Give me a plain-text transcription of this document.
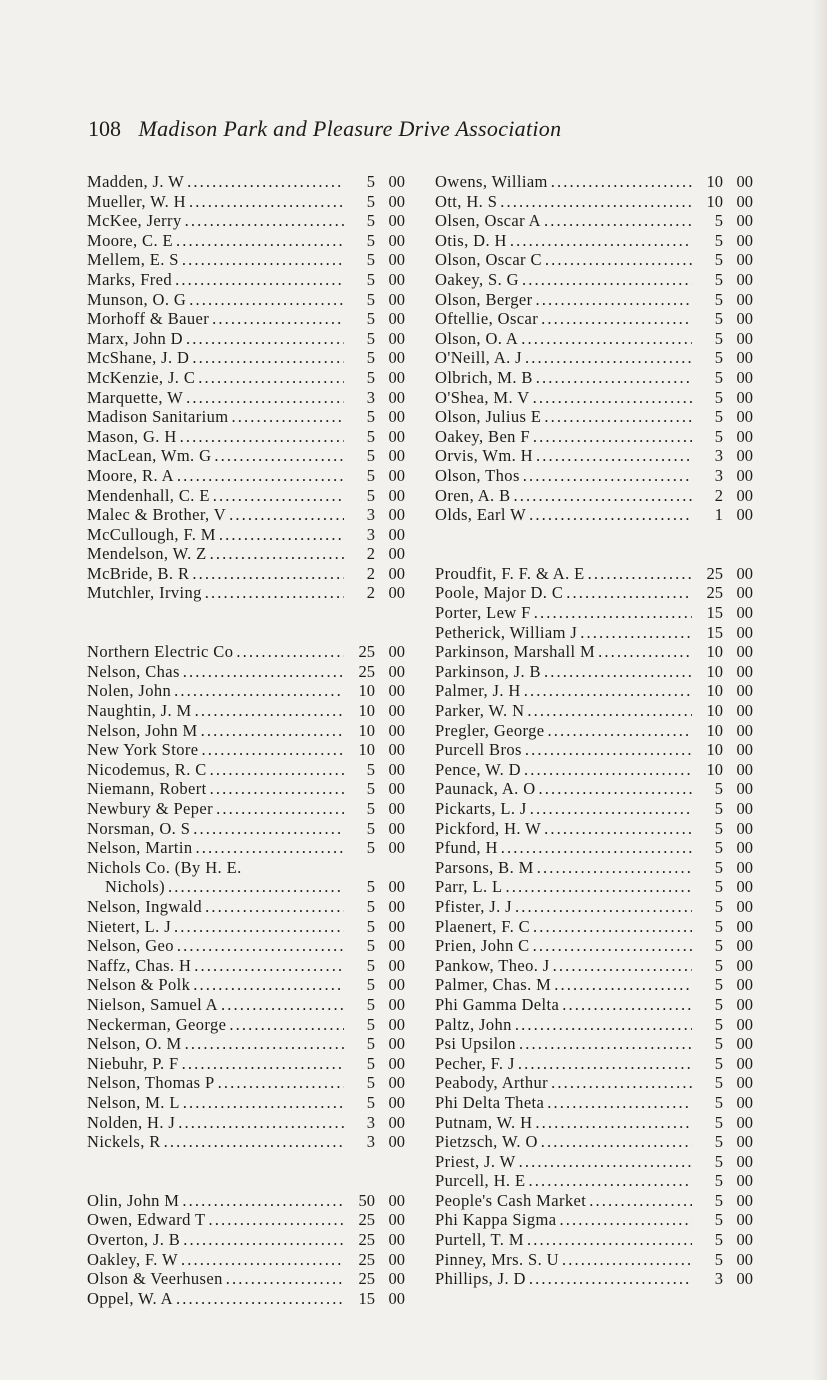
108 Madison Park and Pleasure Drive Association
Madden, J. W . . .	5 00
Mueller, W. H . . .	5 00
McKee, Jerry . . .	5 00
Moore, C. E . . .	5 00
Mellem, E. S . . .	5 00
Marks, Fred . . .	5 00
Munson, O. G . . .	5 00
Morhoff & Bauer . . .	5 00
Marx, John D . . .	5 00
McShane, J. D . . .	5 00
McKenzie, J. C . . .	5 00
Marquette, W . . .	3 00
Madison Sanitarium . . .	5 00
Mason, G. H . . .	5 00
MacLean, Wm. G . . .	5 00
Moore, R. A . . .	5 00
Mendenhall, C. E . . .	5 00
Malec & Brother, V . . .	3 00
McCullough, F. M . . .	3 00
Mendelson, W. Z . . .	2 00
McBride, B. R . . .	2 00
Mutchler, Irving . . .	2 00
Northern Electric Co . . .	25 00
Nelson, Chas . . .	25 00
Nolen, John . . .	10 00
Naughtin, J. M . . .	10 00
Nelson, John M . . .	10 00
New York Store . . .	10 00
Nicodemus, R. C . . .	5 00
Niemann, Robert . . .	5 00
Newbury & Peper . . .	5 00
Norsman, O. S . . .	5 00
Nelson, Martin . . .	5 00
Nichols Co. (By H. E.
Nichols) . . .	5 00
Nelson, Ingwald . . .	5 00
Nietert, L. J . . .	5 00
Nelson, Geo . . .	5 00
Naffz, Chas. H . . .	5 00
Nelson & Polk . . .	5 00
Nielson, Samuel A . . .	5 00
Neckerman, George . . .	5 00
Nelson, O. M . . .	5 00
Niebuhr, P. F . . .	5 00
Nelson, Thomas P . . .	5 00
Nelson, M. L . . .	5 00
Nolden, H. J . . .	3 00
Nickels, R . . .	3 00
Olin, John M . . .	50 00
Owen, Edward T . . .	25 00
Overton, J. B . . .	25 00
Oakley, F. W . . .	25 00
Olson & Veerhusen . . .	25 00
Oppel, W. A . . .	15 00
Owens, William . . .	10 00
Ott, H. S . . .	10 00
Olsen, Oscar A . . .	5 00
Otis, D. H . . .	5 00
Olson, Oscar C . . .	5 00
Oakey, S. G . . .	5 00
Olson, Berger . . .	5 00
Oftellie, Oscar . . .	5 00
Olson, O. A . . .	5 00
O'Neill, A. J . . .	5 00
Olbrich, M. B . . .	5 00
O'Shea, M. V . . .	5 00
Olson, Julius E . . .	5 00
Oakey, Ben F . . .	5 00
Orvis, Wm. H . . .	3 00
Olson, Thos . . .	3 00
Oren, A. B . . .	2 00
Olds, Earl W . . .	1 00
Proudfit, F. F. & A. E . . .	25 00
Poole, Major D. C . . .	25 00
Porter, Lew F . . .	15 00
Petherick, William J . . .	15 00
Parkinson, Marshall M . . .	10 00
Parkinson, J. B . . .	10 00
Palmer, J. H . . .	10 00
Parker, W. N . . .	10 00
Pregler, George . . .	10 00
Purcell Bros . . .	10 00
Pence, W. D . . .	10 00
Paunack, A. O . . .	5 00
Pickarts, L. J . . .	5 00
Pickford, H. W . . .	5 00
Pfund, H . . .	5 00
Parsons, B. M . . .	5 00
Parr, L. L . . .	5 00
Pfister, J. J . . .	5 00
Plaenert, F. C . . .	5 00
Prien, John C . . .	5 00
Pankow, Theo. J . . .	5 00
Palmer, Chas. M . . .	5 00
Phi Gamma Delta . . .	5 00
Paltz, John . . .	5 00
Psi Upsilon . . .	5 00
Pecher, F. J . . .	5 00
Peabody, Arthur . . .	5 00
Phi Delta Theta . . .	5 00
Putnam, W. H . . .	5 00
Pietzsch, W. O . . .	5 00
Priest, J. W . . .	5 00
Purcell, H. E . . .	5 00
People's Cash Market . . .	5 00
Phi Kappa Sigma . . .	5 00
Purtell, T. M . . .	5 00
Pinney, Mrs. S. U . . .	5 00
Phillips, J. D . . .	3 00
